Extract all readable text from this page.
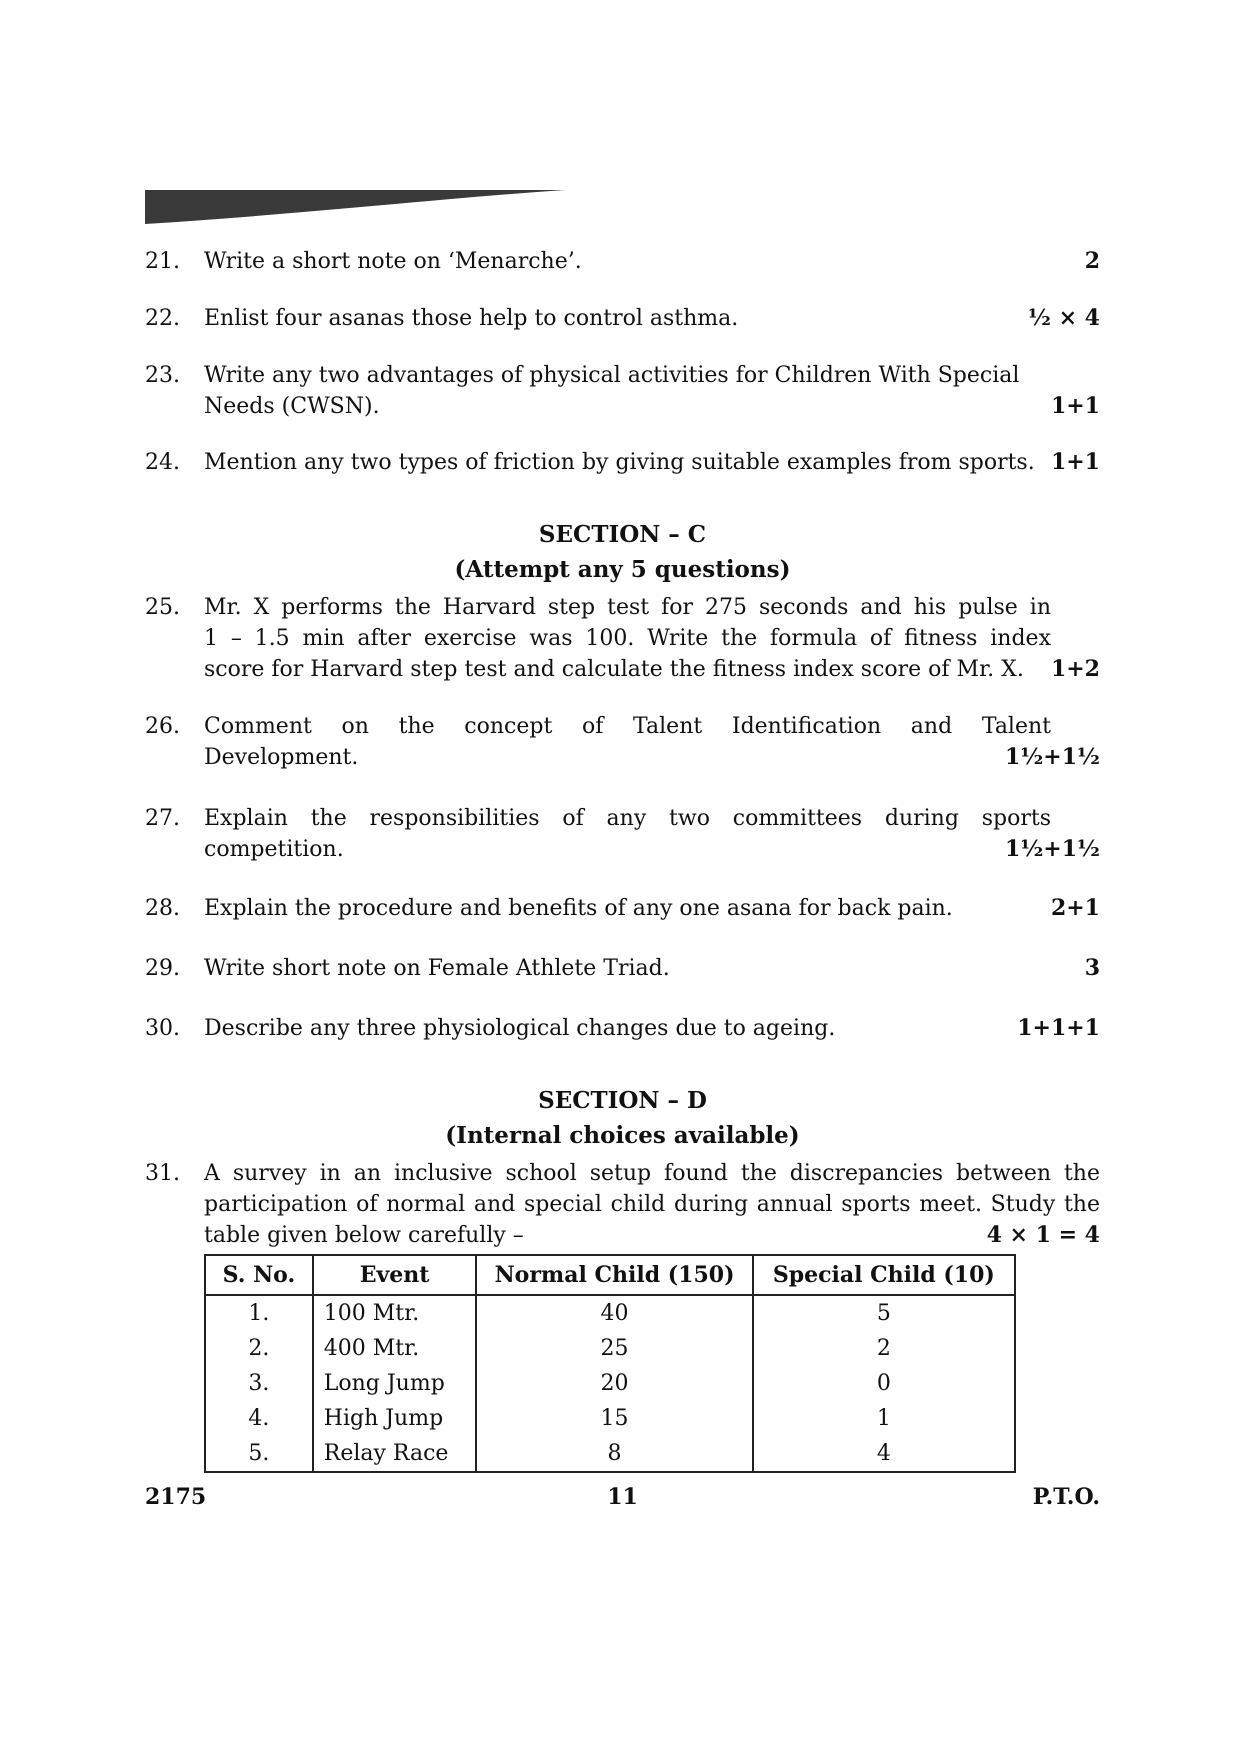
21. Write a short note on ‘Menarche’.	2
22. Enlist four asanas those help to control asthma.	½ × 4
23. Write any two advantages of physical activities for Children With Special
Needs (CWSN).	1+1
24. Mention any two types of friction by giving suitable examples from sports. 1+1
SECTION – C
(Attempt any 5 questions)
25. Mr. X performs the Harvard step test for 275 seconds and his pulse in
1 – 1.5 min after exercise was 100. Write the formula of fitness index
score for Harvard step test and calculate the fitness index score of Mr. X. 1+2
26. Comment on the concept of Talent Identification and Talent
Development.	1½+1½
27. Explain the responsibilities of any two committees during sports
competition.	1½+1½
28. Explain the procedure and benefits of any one asana for back pain.	2+1
29. Write short note on Female Athlete Triad.	3
30. Describe any three physiological changes due to ageing.	1+1+1
SECTION – D
(Internal choices available)
31. A survey in an inclusive school setup found the discrepancies between the
participation of normal and special child during annual sports meet. Study the
table given below carefully –	4 × 1 = 4
S. No.	Event	Normal Child (150)	Special Child (10)
1.	100 Mtr.	40	5
2.	400 Mtr.	25	2
3.	Long Jump	20	0
4.	High Jump	15	1
5.	Relay Race	8	4
2175	11	P.T.O.
